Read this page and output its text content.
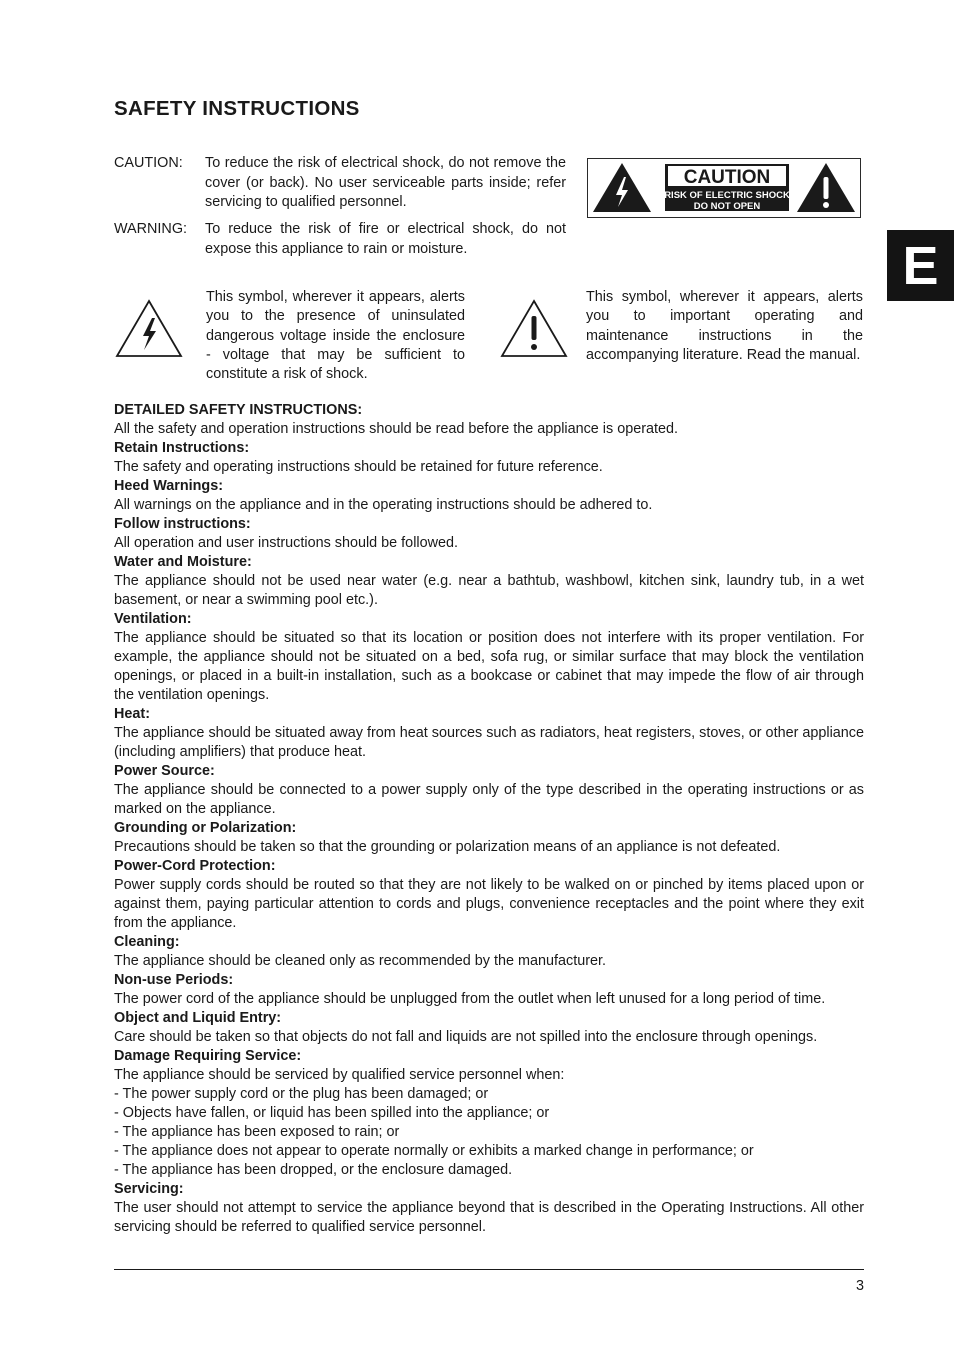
SAFETY INSTRUCTIONS
CAUTION:	To reduce the risk of electrical shock, do not remove the cover (or back). No user serviceable parts inside; refer servicing to qualified personnel.
WARNING:	To reduce the risk of fire or electrical shock, do not expose this appliance to rain or moisture.
CAUTION
RISK OF ELECTRIC SHOCK
DO NOT OPEN
E
This symbol, wherever it appears, alerts you to the presence of uninsulated dangerous voltage inside the enclosure - voltage that may be sufficient to constitute a risk of shock.
This symbol, wherever it appears, alerts you to important operating and maintenance instructions in the accompanying literature. Read the manual.
DETAILED SAFETY INSTRUCTIONS:
All the safety and operation instructions should be read before the appliance is operated.
Retain Instructions:
The safety and operating instructions should be retained for future reference.
Heed Warnings:
All warnings on the appliance and in the operating instructions should be adhered to.
Follow instructions:
All operation and user instructions should be followed.
Water and Moisture:
The appliance should not be used near water (e.g. near a bathtub, washbowl, kitchen sink, laundry tub, in a wet basement, or near a swimming pool etc.).
Ventilation:
The appliance should be situated so that its location or position does not interfere with its proper ventilation. For example, the appliance should not be situated on a bed, sofa rug, or similar surface that may block the ventilation openings, or placed in a built-in installation, such as a bookcase or cabinet that may impede the flow of air through the ventilation openings.
Heat:
The appliance should be situated away from heat sources such as radiators, heat registers, stoves, or other appliance (including amplifiers) that produce heat.
Power Source:
The appliance should be connected to a power supply only of the type described in the operating instructions or as marked on the appliance.
Grounding or Polarization:
Precautions should be taken so that the grounding or polarization means of an appliance is not defeated.
Power-Cord Protection:
Power supply cords should be routed so that they are not likely to be walked on or pinched by items placed upon or against them, paying particular attention to cords and plugs, convenience receptacles and the point where they exit from the appliance.
Cleaning:
The appliance should be cleaned only as recommended by the manufacturer.
Non-use Periods:
The power cord of the appliance should be unplugged from the outlet when left unused for a long period of time.
Object and Liquid Entry:
Care should be taken so that objects do not fall and liquids are not spilled into the enclosure through openings.
Damage Requiring Service:
The appliance should be serviced by qualified service personnel when:
- The power supply cord or the plug has been damaged; or
- Objects have fallen, or liquid has been spilled into the appliance; or
- The appliance has been exposed to rain; or
- The appliance does not appear to operate normally or exhibits a marked change in performance; or
- The appliance has been dropped, or the enclosure damaged.
Servicing:
The user should not attempt to service the appliance beyond that is described in the Operating Instructions. All other servicing should be referred to qualified service personnel.
3
